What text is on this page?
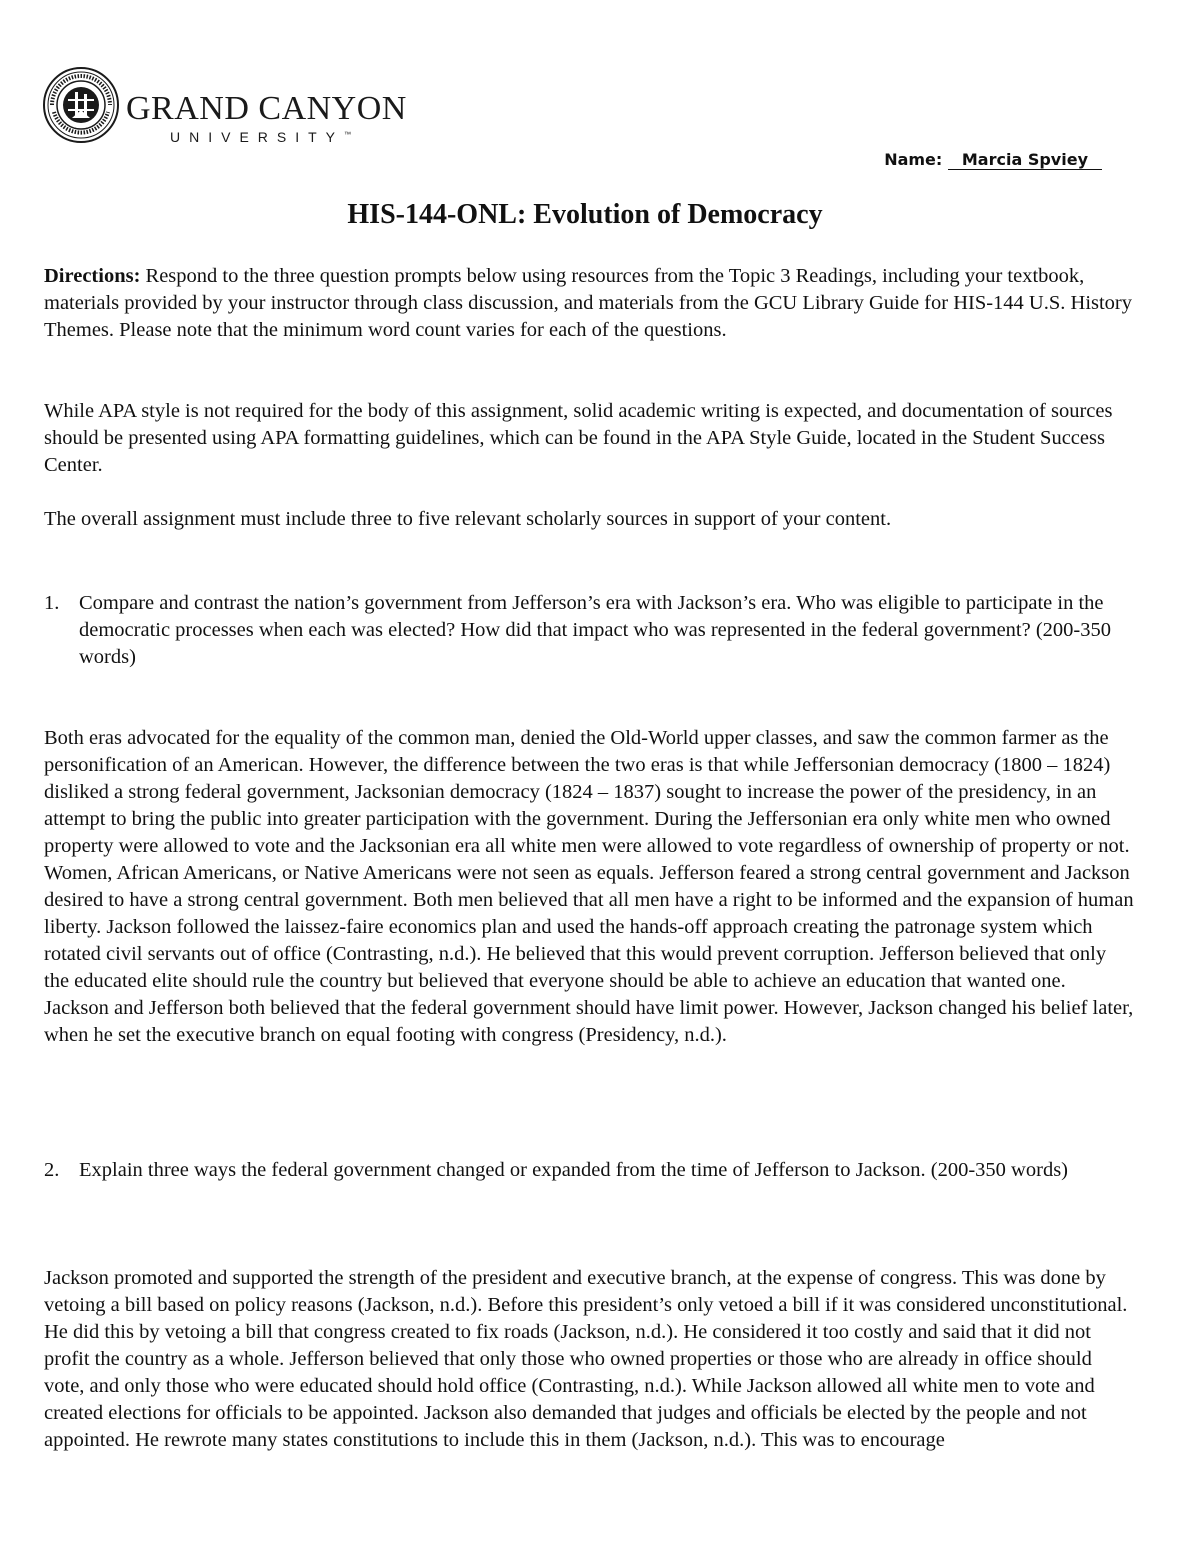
GRAND CANYON
UNIVERSITY™
Name: Marcia Spviey
HIS-144-ONL: Evolution of Democracy

Directions: Respond to the three question prompts below using resources from the Topic 3 Readings, including your textbook, materials provided by your instructor through class discussion, and materials from the GCU Library Guide for HIS-144 U.S. History Themes. Please note that the minimum word count varies for each of the questions.

While APA style is not required for the body of this assignment, solid academic writing is expected, and documentation of sources should be presented using APA formatting guidelines, which can be found in the APA Style Guide, located in the Student Success Center.

The overall assignment must include three to five relevant scholarly sources in support of your content.

1. Compare and contrast the nation’s government from Jefferson’s era with Jackson’s era. Who was eligible to participate in the democratic processes when each was elected? How did that impact who was represented in the federal government? (200-350 words)

Both eras advocated for the equality of the common man, denied the Old-World upper classes, and saw the common farmer as the personification of an American. However, the difference between the two eras is that while Jeffersonian democracy (1800 – 1824) disliked a strong federal government, Jacksonian democracy (1824 – 1837) sought to increase the power of the presidency, in an attempt to bring the public into greater participation with the government. During the Jeffersonian era only white men who owned property were allowed to vote and the Jacksonian era all white men were allowed to vote regardless of ownership of property or not. Women, African Americans, or Native Americans were not seen as equals. Jefferson feared a strong central government and Jackson desired to have a strong central government. Both men believed that all men have a right to be informed and the expansion of human liberty. Jackson followed the laissez-faire economics plan and used the hands-off approach creating the patronage system which rotated civil servants out of office (Contrasting, n.d.). He believed that this would prevent corruption. Jefferson believed that only the educated elite should rule the country but believed that everyone should be able to achieve an education that wanted one. Jackson and Jefferson both believed that the federal government should have limit power. However, Jackson changed his belief later, when he set the executive branch on equal footing with congress (Presidency, n.d.).

2. Explain three ways the federal government changed or expanded from the time of Jefferson to Jackson. (200-350 words)

Jackson promoted and supported the strength of the president and executive branch, at the expense of congress. This was done by vetoing a bill based on policy reasons (Jackson, n.d.). Before this president’s only vetoed a bill if it was considered unconstitutional. He did this by vetoing a bill that congress created to fix roads (Jackson, n.d.). He considered it too costly and said that it did not profit the country as a whole. Jefferson believed that only those who owned properties or those who are already in office should vote, and only those who were educated should hold office (Contrasting, n.d.). While Jackson allowed all white men to vote and created elections for officials to be appointed. Jackson also demanded that judges and officials be elected by the people and not appointed. He rewrote many states constitutions to include this in them (Jackson, n.d.). This was to encourage
